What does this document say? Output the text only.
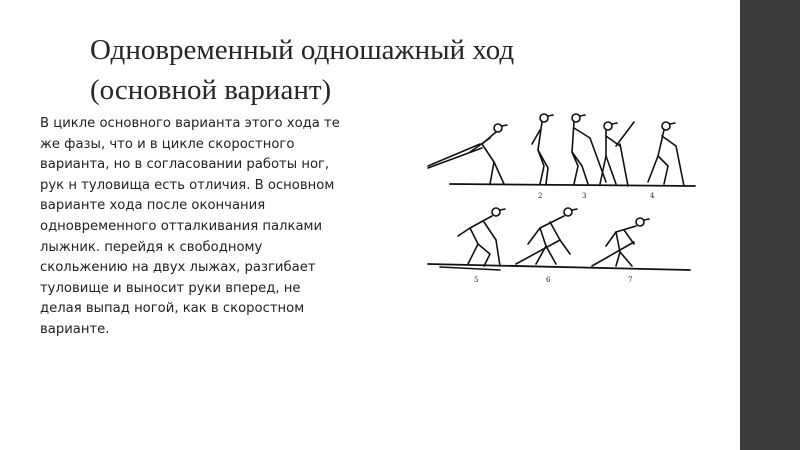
Одновременный одношажный ход
(основной вариант)
В цикле основного варианта этого хода те
же фазы, что и в цикле скоростного
варианта, но в согласовании работы ног,
рук н туловища есть отличия. В основном
варианте хода после окончания
одновременного отталкивания палками
лыжник. перейдя к свободному
скольжению на двух лыжах, разгибает
туловище и выносит руки вперед, не
делая выпад ногой, как в скоростном
варианте.
2	3	4
5	6	7
